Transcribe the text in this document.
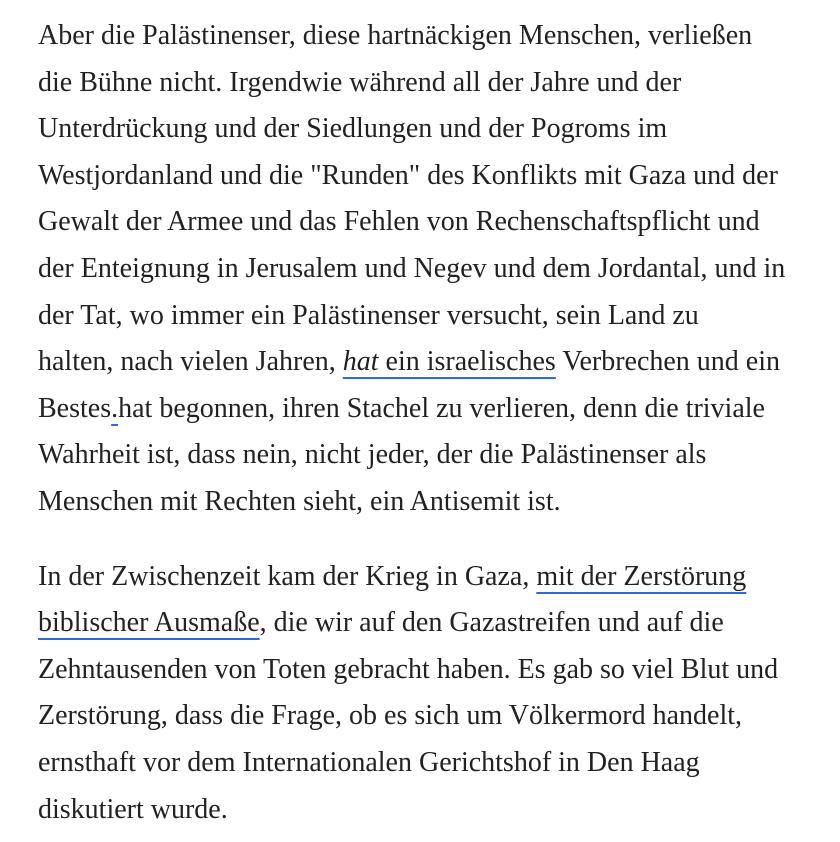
Aber die Palästinenser, diese hartnäckigen Menschen, verließen
die Bühne nicht. Irgendwie während all der Jahre und der
Unterdrückung und der Siedlungen und der Pogroms im
Westjordanland und die "Runden" des Konflikts mit Gaza und der
Gewalt der Armee und das Fehlen von Rechenschaftspflicht und
der Enteignung in Jerusalem und Negev und dem Jordantal, und in
der Tat, wo immer ein Palästinenser versucht, sein Land zu
halten, nach vielen Jahren, hat ein israelisches Verbrechen und ein
Bestes.hat begonnen, ihren Stachel zu verlieren, denn die triviale
Wahrheit ist, dass nein, nicht jeder, der die Palästinenser als
Menschen mit Rechten sieht, ein Antisemit ist.
In der Zwischenzeit kam der Krieg in Gaza, mit der Zerstörung
biblischer Ausmaße, die wir auf den Gazastreifen und auf die
Zehntausenden von Toten gebracht haben. Es gab so viel Blut und
Zerstörung, dass die Frage, ob es sich um Völkermord handelt,
ernsthaft vor dem Internationalen Gerichtshof in Den Haag
diskutiert wurde.
